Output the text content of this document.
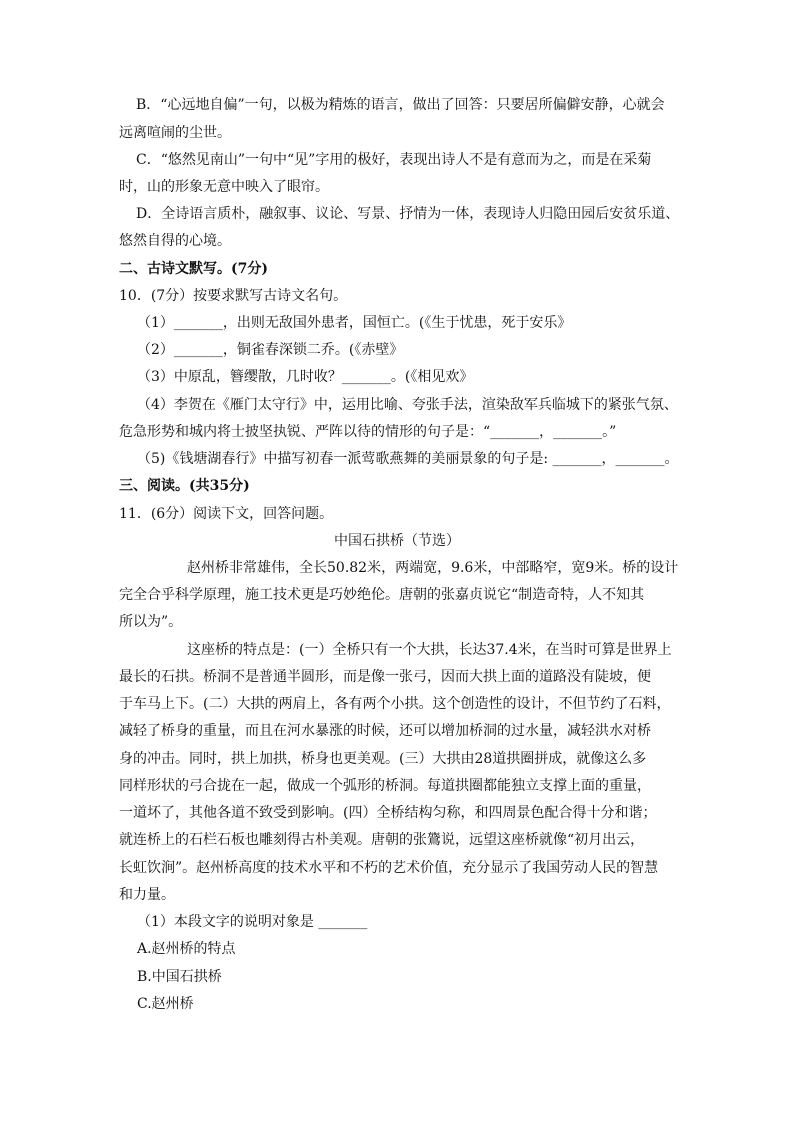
B．“心远地自偏”一句，以极为精炼的语言，做出了回答：只要居所偏僻安静，心就会
远离喧闹的尘世。
C．“悠然见南山”一句中“见”字用的极好，表现出诗人不是有意而为之，而是在采菊
时，山的形象无意中映入了眼帘。
D．全诗语言质朴，融叙事、议论、写景、抒情为一体，表现诗人归隐田园后安贫乐道、
悠然自得的心境。
二、古诗文默写。(7分)
10．(7分）按要求默写古诗文名句。
（1）_______，出则无敌国外患者，国恒亡。(《生于忧患，死于安乐》
（2）_______，铜雀春深锁二乔。(《赤壁》
（3）中原乱，簪缨散，几时收？_______。(《相见欢》
（4）李贺在《雁门太守行》中，运用比喻、夸张手法，渲染敌军兵临城下的紧张气氛、
危急形势和城内将士披坚执锐、严阵以待的情形的句子是：“_______，_______。”
（5)《钱塘湖春行》中描写初春一派莺歌燕舞的美丽景象的句子是: _______，_______。
三、阅读。(共35分)
11．(6分）阅读下文，回答问题。
中国石拱桥（节选）
赵州桥非常雄伟，全长50.82米，两端宽，9.6米，中部略窄，宽9米。桥的设计
完全合乎科学原理，施工技术更是巧妙绝伦。唐朝的张嘉贞说它“制造奇特，人不知其
所以为”。
这座桥的特点是：(一）全桥只有一个大拱，长达37.4米，在当时可算是世界上
最长的石拱。桥洞不是普通半圆形，而是像一张弓，因而大拱上面的道路没有陡坡，便
于车马上下。(二）大拱的两肩上，各有两个小拱。这个创造性的设计，不但节约了石料，
减轻了桥身的重量，而且在河水暴涨的时候，还可以增加桥洞的过水量，减轻洪水对桥
身的冲击。同时，拱上加拱，桥身也更美观。(三）大拱由28道拱圈拼成，就像这么多
同样形状的弓合拢在一起，做成一个弧形的桥洞。每道拱圈都能独立支撑上面的重量，
一道坏了，其他各道不致受到影响。(四）全桥结构匀称，和四周景色配合得十分和谐；
就连桥上的石栏石板也雕刻得古朴美观。唐朝的张鷟说，远望这座桥就像“初月出云，
长虹饮涧”。赵州桥高度的技术水平和不朽的艺术价值，充分显示了我国劳动人民的智慧
和力量。
（1）本段文字的说明对象是 _______
A.赵州桥的特点
B.中国石拱桥
C.赵州桥
